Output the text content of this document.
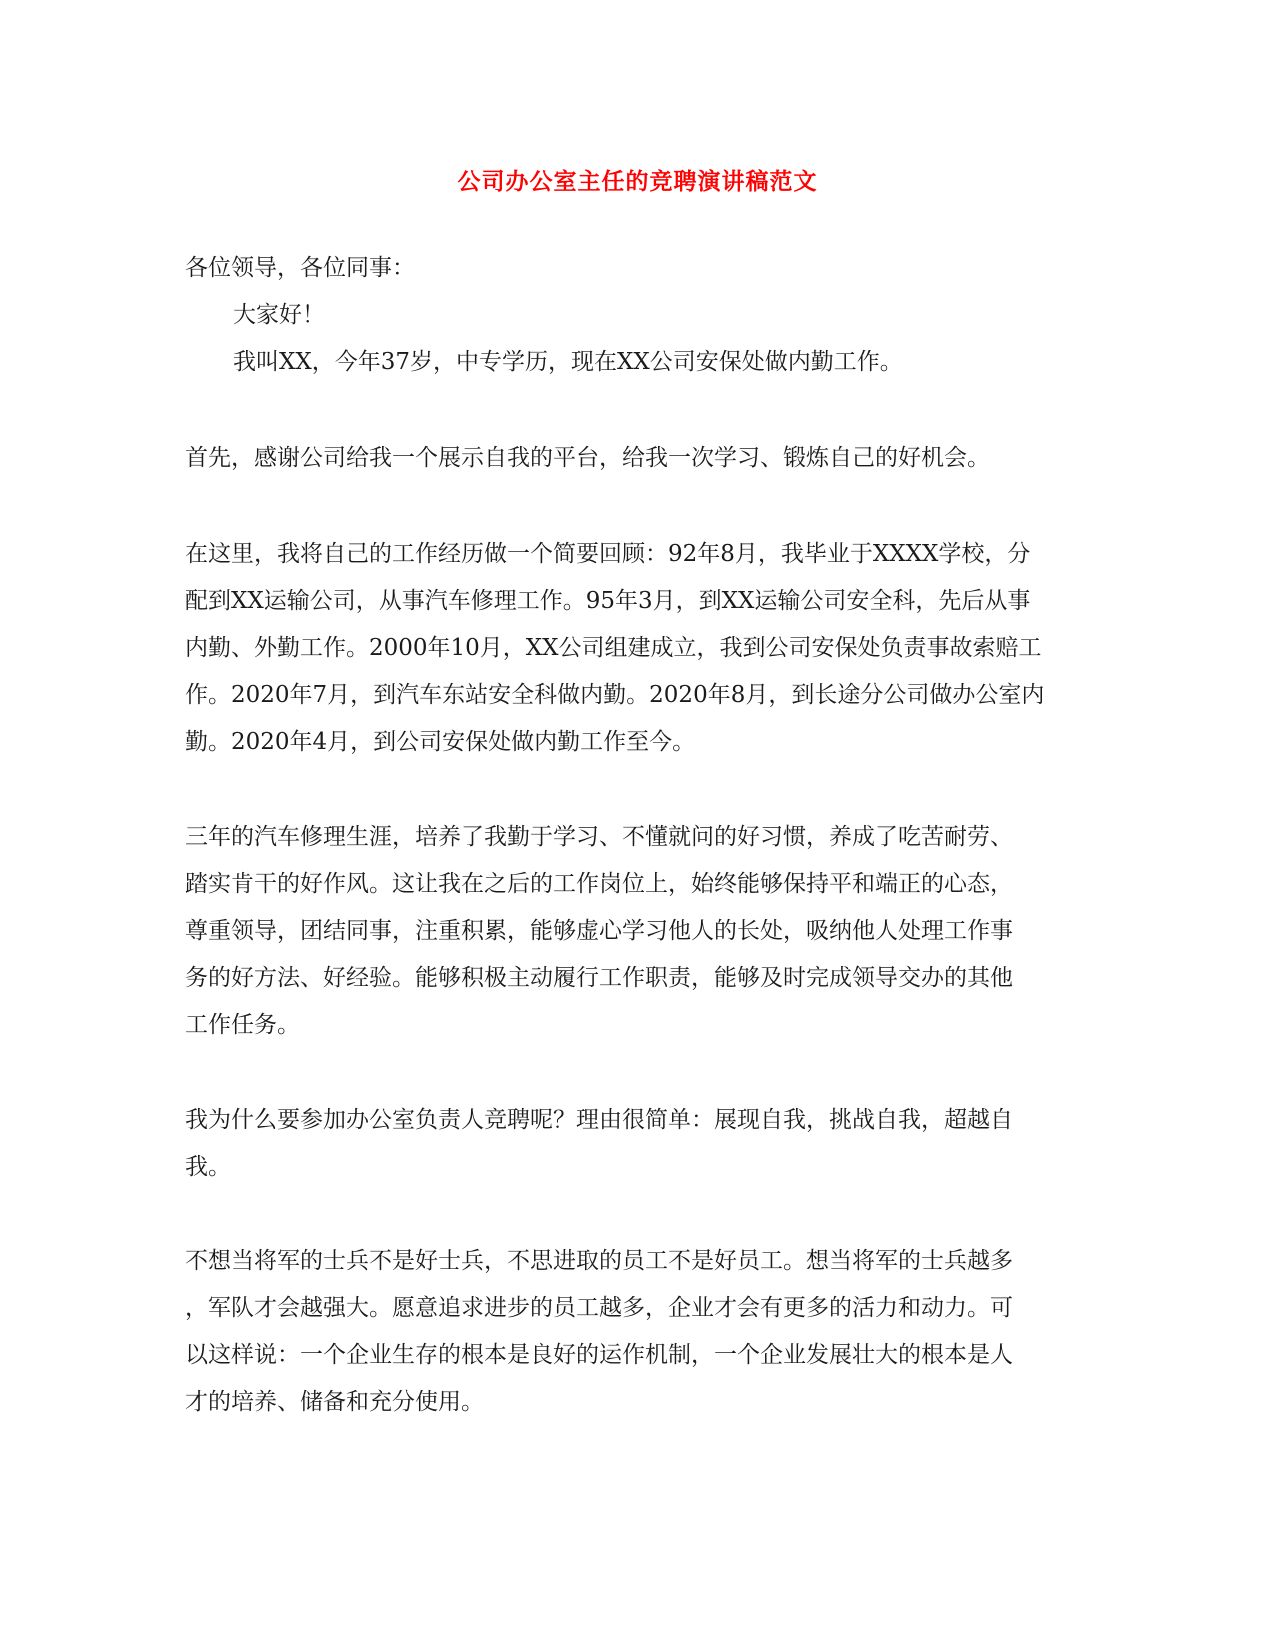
公司办公室主任的竞聘演讲稿范文
各位领导，各位同事：
大家好！
我叫XX，今年37岁，中专学历，现在XX公司安保处做内勤工作。
首先，感谢公司给我一个展示自我的平台，给我一次学习、锻炼自己的好机会。
在这里，我将自己的工作经历做一个简要回顾：92年8月，我毕业于XXXX学校，分
配到XX运输公司，从事汽车修理工作。95年3月，到XX运输公司安全科，先后从事
内勤、外勤工作。2000年10月，XX公司组建成立，我到公司安保处负责事故索赔工
作。2020年7月，到汽车东站安全科做内勤。2020年8月，到长途分公司做办公室内
勤。2020年4月，到公司安保处做内勤工作至今。
三年的汽车修理生涯，培养了我勤于学习、不懂就问的好习惯，养成了吃苦耐劳、
踏实肯干的好作风。这让我在之后的工作岗位上，始终能够保持平和端正的心态，
尊重领导，团结同事，注重积累，能够虚心学习他人的长处，吸纳他人处理工作事
务的好方法、好经验。能够积极主动履行工作职责，能够及时完成领导交办的其他
工作任务。
我为什么要参加办公室负责人竞聘呢？理由很简单：展现自我，挑战自我，超越自
我。
不想当将军的士兵不是好士兵，不思进取的员工不是好员工。想当将军的士兵越多
，军队才会越强大。愿意追求进步的员工越多，企业才会有更多的活力和动力。可
以这样说：一个企业生存的根本是良好的运作机制，一个企业发展壮大的根本是人
才的培养、储备和充分使用。
